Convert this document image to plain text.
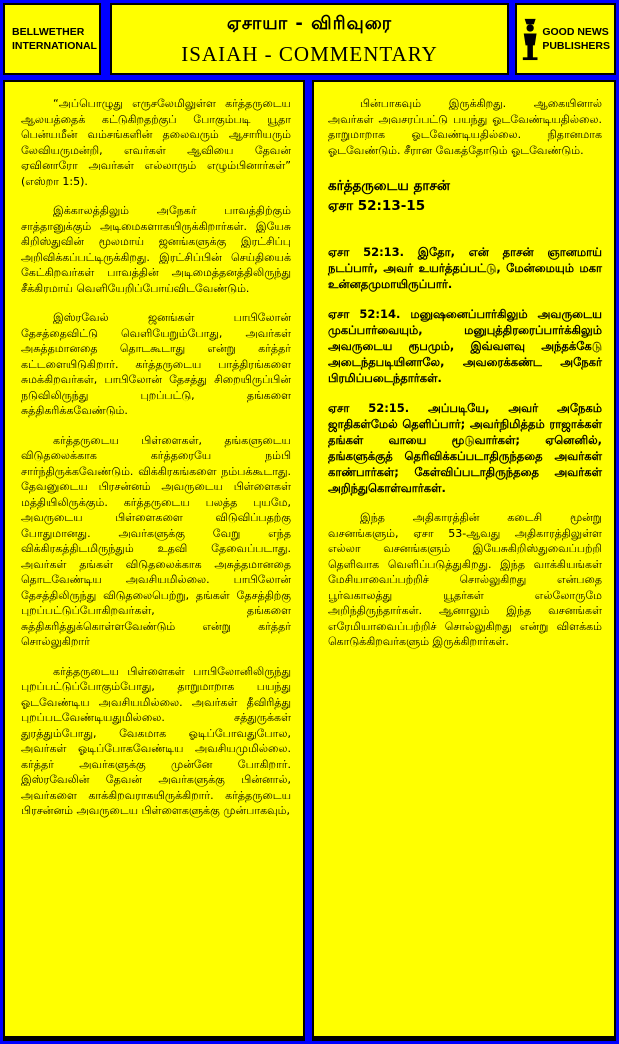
BELLWETHER
INTERNATIONAL
ஏசாயா - விரிவுரை
ISAIAH - COMMENTARY
GOOD NEWS
PUBLISHERS

“அப்பொழுது எருசலேமிலுள்ள கர்த்தருடைய ஆலயத்தைக் கட்டுகிறதற்குப் போகும்படி யூதா பென்யமீன் வம்சங்களின் தலைவரும் ஆசாரியரும் லேவியருமன்றி, எவர்கள் ஆவியை தேவன் ஏவினாரோ அவர்கள் எல்லாரும் எழும்பினார்கள்” (எஸ்றா 1:5).

இக்காலத்திலும் அநேகர் பாவத்திற்கும் சாத்தானுக்கும் அடிமைகளாகயிருக்கிறார்கள். இயேசு கிறிஸ்துவின் மூலமாய் ஜனங்களுக்கு இரட்சிப்பு அறிவிக்கப்பட்டிருக்கிறது. இரட்சிப்பின் செய்தியைக் கேட்கிறவர்கள் பாவத்தின் அடிமைத்தனத்திலிருந்து சீக்கிரமாய் வெளியேறிப்போய்விடவேண்டும்.

இஸ்ரவேல் ஜனங்கள் பாபிலோன் தேசத்தைவிட்டு வெளியேறும்போது, அவர்கள் அசுத்தமானதை தொடகூடாது என்று கர்த்தர் கட்டளையிடுகிறார். கர்த்தருடைய பாத்திரங்களை சுமக்கிறவர்கள், பாபிலோன் தேசத்து சிறையிருப்பின் நடுவிலிருந்து புறப்பட்டு, தங்களை சுத்திகரிக்கவேண்டும்.

கர்த்தருடைய பிள்ளைகள், தங்களுடைய விடுதலைக்காக கர்த்தரையே நம்பி சார்ந்திருக்கவேண்டும். விக்கிரகங்களை நம்பக்கூடாது. தேவனுடைய பிரசன்னம் அவருடைய பிள்ளைகள் மத்தியிலிருக்கும். கர்த்தருடைய பலத்த புயமே, அவருடைய பிள்ளைகளை விடுவிப்பதற்கு போதுமானது. அவர்களுக்கு வேறு எந்த விக்கிரகத்திடமிருந்தும் உதவி தேவைப்படாது. அவர்கள் தங்கள் விடுதலைக்காக அசுத்தமானதை தொடவேண்டிய அவசியமில்லை. பாபிலோன் தேசத்திலிருந்து விடுதலைபெற்று, தங்கள் தேசத்திற்கு புறப்பட்டுப்போகிறவர்கள், தங்களை சுத்திகரித்துக்கொள்ளவேண்டும் என்று கர்த்தர் சொல்லுகிறார்

கர்த்தருடைய பிள்ளைகள் பாபிலோனிலிருந்து புறப்பட்டுப்போகும்போது, தாறுமாறாக பயந்து ஓடவேண்டிய அவசியமில்லை. அவர்கள் தீவிரித்து புறப்படவேண்டியதுமில்லை. சத்துருக்கள் துரத்தும்போது, வேகமாக ஓடிப்போவதுபோல, அவர்கள் ஓடிப்போகவேண்டிய அவசியமுமில்லை. கர்த்தர் அவர்களுக்கு முன்னே போகிறார். இஸ்ரவேலின் தேவன் அவர்களுக்கு பின்னால், அவர்களை காக்கிறவராகயிருக்கிறார். கர்த்தருடைய பிரசன்னம் அவருடைய பிள்ளைகளுக்கு முன்பாகவும்,

பின்பாகவும் இருக்கிறது. ஆகையினால் அவர்கள் அவசரப்பட்டு பயந்து ஓடவேண்டியதில்லை. தாறுமாறாக ஓடவேண்டியதில்லை. நிதானமாக ஓடவேண்டும். சீரான வேகத்தோடும் ஓடவேண்டும்.

கர்த்தருடைய தாசன்
ஏசா 52:13-15

ஏசா 52:13. இதோ, என் தாசன் ஞானமாய் நடப்பார், அவர் உயர்த்தப்பட்டு, மேன்மையும் மகா உன்னதமுமாயிருப்பார்.

ஏசா 52:14. மனுஷனைப்பார்கிலும் அவருடைய முகப்பார்வையும், மனுபுத்திரரைப்பார்க்கிலும் அவருடைய ரூபமும், இவ்வளவு அந்தக்கேடு அடைந்தபடியினாலே, அவரைக்கண்ட அநேகர் பிரமிப்படைந்தார்கள்.

ஏசா 52:15. அப்படியே, அவர் அநேகம் ஜாதிகள்மேல் தெளிப்பார்; அவர்நிமித்தம் ராஜாக்கள் தங்கள் வாயை மூடுவார்கள்; ஏனெனில், தங்களுக்குத் தெரிவிக்கப்படாதிருந்ததை அவர்கள் காண்பார்கள்; கேள்விப்படாதிருந்ததை அவர்கள் அறிந்துகொள்வார்கள்.

இந்த அதிகாரத்தின் கடைசி மூன்று வசனங்களும், ஏசா 53-ஆவது அதிகாரத்திலுள்ள எல்லா வசனங்களும் இயேசுகிறிஸ்துவைப்பற்றி தெளிவாக வெளிப்படுத்துகிறது. இந்த வாக்கியங்கள் மேசியாவைப்பற்றிச் சொல்லுகிறது என்பதை பூர்வகாலத்து யூதர்கள் எல்லோருமே அறிந்திருந்தார்கள். ஆனாலும் இந்த வசனங்கள் எரேமியாவைப்பற்றிச் சொல்லுகிறது என்று விளக்கம் கொடுக்கிறவர்களும் இருக்கிறார்கள்.
